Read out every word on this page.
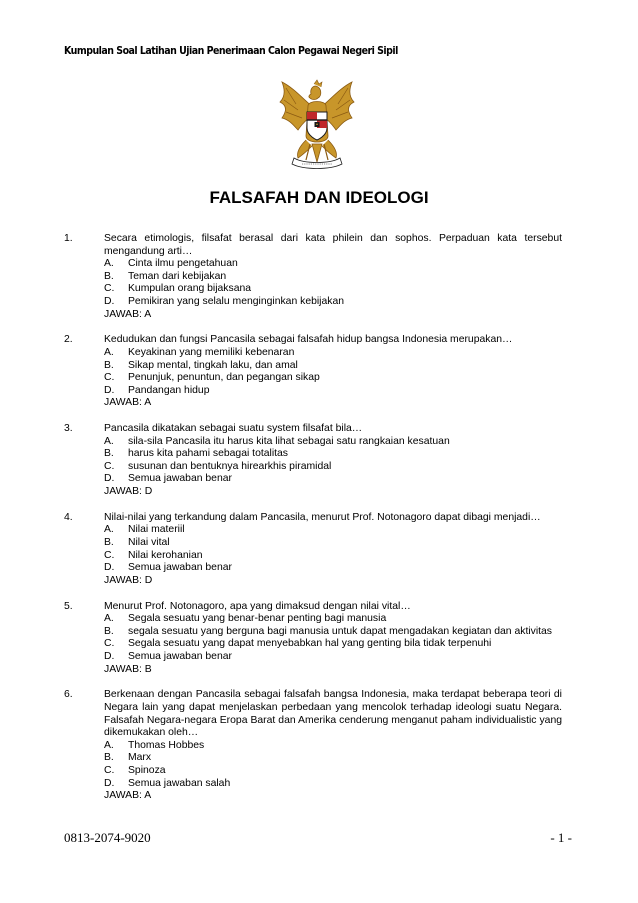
Kumpulan Soal Latihan Ujian Penerimaan Calon Pegawai Negeri Sipil
FALSAFAH DAN IDEOLOGI
1.	Secara etimologis, filsafat berasal dari kata philein dan sophos. Perpaduan kata tersebut mengandung arti…
A.	Cinta ilmu pengetahuan
B.	Teman dari kebijakan
C.	Kumpulan orang bijaksana
D.	Pemikiran yang selalu menginginkan kebijakan
JAWAB: A
2.	Kedudukan dan fungsi Pancasila sebagai falsafah hidup bangsa Indonesia merupakan…
A.	Keyakinan yang memiliki kebenaran
B.	Sikap mental, tingkah laku, dan amal
C.	Penunjuk, penuntun, dan pegangan sikap
D.	Pandangan hidup
JAWAB: A
3.	Pancasila dikatakan sebagai suatu system filsafat bila…
A.	sila-sila Pancasila itu harus kita lihat sebagai satu rangkaian kesatuan
B.	harus kita pahami sebagai totalitas
C.	susunan dan bentuknya hirearkhis piramidal
D.	Semua jawaban benar
JAWAB: D
4.	Nilai-nilai yang terkandung dalam Pancasila, menurut Prof. Notonagoro dapat dibagi menjadi…
A.	Nilai materiil
B.	Nilai vital
C.	Nilai kerohanian
D.	Semua jawaban benar
JAWAB: D
5.	Menurut Prof. Notonagoro, apa yang dimaksud dengan nilai vital…
A.	Segala sesuatu yang benar-benar penting bagi manusia
B.	segala sesuatu yang berguna bagi manusia untuk dapat mengadakan kegiatan dan aktivitas
C.	Segala sesuatu yang dapat menyebabkan hal yang genting bila tidak terpenuhi
D.	Semua jawaban benar
JAWAB: B
6.	Berkenaan dengan Pancasila sebagai falsafah bangsa Indonesia, maka terdapat beberapa teori di Negara lain yang dapat menjelaskan perbedaan yang mencolok terhadap ideologi suatu Negara. Falsafah Negara-negara Eropa Barat dan Amerika cenderung menganut paham individualistic yang dikemukakan oleh…
A.	Thomas Hobbes
B.	Marx
C.	Spinoza
D.	Semua jawaban salah
JAWAB: A
0813-2074-9020	- 1 -
